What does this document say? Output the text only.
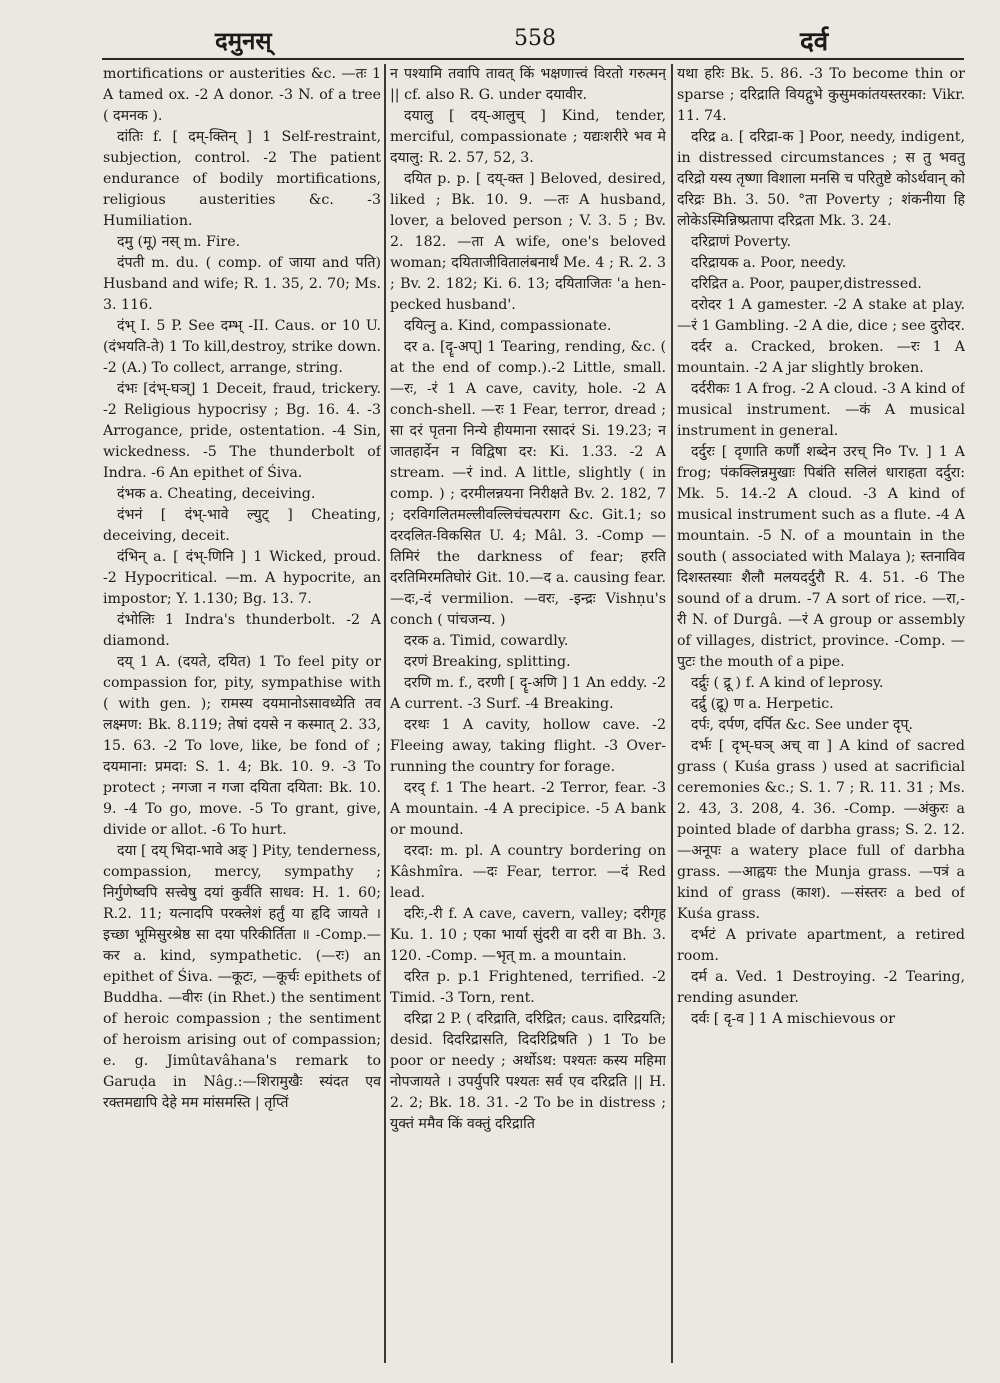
दमुनस्	558	दर्व

mortifications or austerities &c. —तः 1 A tamed ox. -2 A donor. -3 N. of a tree ( दमनक ).

दांतिः f. [ दम्-क्तिन् ] 1 Self-restraint, subjection, control. -2 The patient endurance of bodily mortifications, religious austerities &c. -3 Humiliation.

दमु (मू) नस् m. Fire.

दंपती m. du. ( comp. of जाया and पति) Husband and wife; R. 1. 35, 2. 70; Ms. 3. 116.

दंभ् I. 5 P. See दम्भ् -II. Caus. or 10 U. (दंभयति-ते) 1 To kill,destroy, strike down. -2 (A.) To collect, arrange, string.

दंभः [दंभ्-घञ्] 1 Deceit, fraud, trickery. -2 Religious hypocrisy ; Bg. 16. 4. -3 Arrogance, pride, ostentation. -4 Sin, wickedness. -5 The thunderbolt of Indra. -6 An epithet of Śiva.

दंभक a. Cheating, deceiving.

दंभनं [ दंभ्-भावे ल्युट् ] Cheating, deceiving, deceit.

दंभिन् a. [ दंभ्-णिनि ] 1 Wicked, proud. -2 Hypocritical. —m. A hypocrite, an impostor; Y. 1.130; Bg. 13. 7.

दंभोलिः 1 Indra's thunderbolt. -2 A diamond.

दय् 1 A. (दयते, दयित) 1 To feel pity or compassion for, pity, sympathise with ( with gen. ); रामस्य दयमानोऽसावध्येति तव लक्ष्मण: Bk. 8.119; तेषां दयसे न कस्मात् 2. 33, 15. 63. -2 To love, like, be fond of ; दयमाना: प्रमदा: S. 1. 4; Bk. 10. 9. -3 To protect ; नगजा न गजा दयिता दयिता: Bk. 10. 9. -4 To go, move. -5 To grant, give, divide or allot. -6 To hurt.

दया [ दय् भिदा-भावे अङ् ] Pity, tenderness, compassion, mercy, sympathy ; निर्गुणेष्वपि सत्त्वेषु दयां कुर्वंति साधव: H. 1. 60; R.2. 11; यत्नादपि परक्लेशं हर्तुं या हृदि जायते । इच्छा भूमिसुरश्रेष्ठ सा दया परिकीर्तिता ॥ -Comp.—कर a. kind, sympathetic. (—रः) an epithet of Śiva. —कूटः, —कूर्चः epithets of Buddha. —वीरः (in Rhet.) the sentiment of heroic compassion ; the sentiment of heroism arising out of compassion; e. g. Jimûtavâhana's remark to Garuḍa in Nâg.:—शिरामुखैः स्यंदत एव रक्तमद्यापि देहे मम मांसमस्ति | तृप्तिं

न पश्यामि तवापि तावत् किं भक्षणात्त्वं विरतो गरुत्मन् || cf. also R. G. under दयावीर.

दयालु [ दय्-आलुच् ] Kind, tender, merciful, compassionate ; यद्यःशरीरे भव मे दयालु: R. 2. 57, 52, 3.

दयित p. p. [ दय्-क्त ] Beloved, desired, liked ; Bk. 10. 9. —तः A husband, lover, a beloved person ; V. 3. 5 ; Bv. 2. 182. —ता A wife, one's beloved woman; दयिताजीवितालंबनार्थं Me. 4 ; R. 2. 3 ; Bv. 2. 182; Ki. 6. 13; दयिताजितः 'a hen-pecked husband'.

दयित्नु a. Kind, compassionate.

दर a. [दॄ-अप्] 1 Tearing, rending, &c. ( at the end of comp.).-2 Little, small. —रः, -रं 1 A cave, cavity, hole. -2 A conch-shell. —रः 1 Fear, terror, dread ; सा दरं पृतना निन्ये हीयमाना रसादरं Si. 19.23; न जातहार्देन न विद्विषा दर: Ki. 1.33. -2 A stream. —रं ind. A little, slightly ( in comp. ) ; दरमीलन्नयना निरीक्षते Bv. 2. 182, 7 ; दरविगलितमल्लीवल्लिचंचत्पराग &c. Git.1; so दरदलित-विकसित U. 4; Mâl. 3. -Comp —तिमिरं the darkness of fear; हरति दरतिमिरमतिघोरं Git. 10.—द a. causing fear. —दः,-दं vermilion. —वरः, -इन्द्रः Vishṇu's conch ( पांचजन्य. )

दरक a. Timid, cowardly.

दरणं Breaking, splitting.

दरणि m. f., दरणी [ दॄ-अणि ] 1 An eddy. -2 A current. -3 Surf. -4 Breaking.

दरथः 1 A cavity, hollow cave. -2 Fleeing away, taking flight. -3 Over-running the country for forage.

दरद् f. 1 The heart. -2 Terror, fear. -3 A mountain. -4 A precipice. -5 A bank or mound.

दरदा: m. pl. A country bordering on Kâshmîra. —दः Fear, terror. —दं Red lead.

दरिः,-री f. A cave, cavern, valley; दरीगृह Ku. 1. 10 ; एका भार्या सुंदरी वा दरी वा Bh. 3. 120. -Comp. —भृत् m. a mountain.

दरित p. p.1 Frightened, terrified. -2 Timid. -3 Torn, rent.

दरिद्रा 2 P. ( दरिद्राति, दरिद्रित; caus. दारिद्रयति; desid. दिदरिद्रासति, दिदरिद्रिषति ) 1 To be poor or needy ; अर्थोऽथ: पश्यतः कस्य महिमा नोपजायते । उपर्युपरि पश्यतः सर्व एव दरिद्रति || H. 2. 2; Bk. 18. 31. -2 To be in distress ; युक्तं ममैव किं वक्तुं दरिद्राति

यथा हरिः Bk. 5. 86. -3 To become thin or sparse ; दरिद्राति वियद्गुभे कुसुमकांतयस्तरका: Vikr. 11. 74.

दरिद्र a. [ दरिद्रा-क ] Poor, needy, indigent, in distressed circumstances ; स तु भवतु दरिद्रो यस्य तृष्णा विशाला मनसि च परितुष्टे कोऽर्थवान् को दरिद्रः Bh. 3. 50. °ता Poverty ; शंकनीया हि लोकेऽस्मिन्निष्प्रतापा दरिद्रता Mk. 3. 24.

दरिद्राणं Poverty.

दरिद्रायक a. Poor, needy.

दरिद्रित a. Poor, pauper,distressed.

दरोदर 1 A gamester. -2 A stake at play. —रं 1 Gambling. -2 A die, dice ; see दुरोदर.

दर्दर a. Cracked, broken. —रः 1 A mountain. -2 A jar slightly broken.

दर्दरीकः 1 A frog. -2 A cloud. -3 A kind of musical instrument. —कं A musical instrument in general.

दर्दुरः [ दृणाति कर्णौ शब्देन उरच् नि० Tv. ] 1 A frog; पंकक्लिन्नमुखाः पिबंति सलिलं धाराहता दर्दुरा: Mk. 5. 14.-2 A cloud. -3 A kind of musical instrument such as a flute. -4 A mountain. -5 N. of a mountain in the south ( associated with Malaya ); स्तनाविव दिशस्तस्याः शैलौ मलयदर्दुरौ R. 4. 51. -6 The sound of a drum. -7 A sort of rice. —रा,-री N. of Durgâ. —रं A group or assembly of villages, district, province. -Comp. —पुटः the mouth of a pipe.

दर्द्रुः ( द्रू ) f. A kind of leprosy.

दर्द्रु (द्रू) ण a. Herpetic.

दर्पः, दर्पण, दर्पित &c. See under दृप्.

दर्भः [ दृभ्-घञ् अच् वा ] A kind of sacred grass ( Kuśa grass ) used at sacrificial ceremonies &c.; S. 1. 7 ; R. 11. 31 ; Ms. 2. 43, 3. 208, 4. 36. -Comp. —अंकुरः a pointed blade of darbha grass; S. 2. 12. —अनूपः a watery place full of darbha grass. —आह्वयः the Munja grass. —पत्रं a kind of grass (काश). —संस्तरः a bed of Kuśa grass.

दर्भटं A private apartment, a retired room.

दर्म a. Ved. 1 Destroying. -2 Tearing, rending asunder.

दर्वः [ दृ-व ] 1 A mischievous or
